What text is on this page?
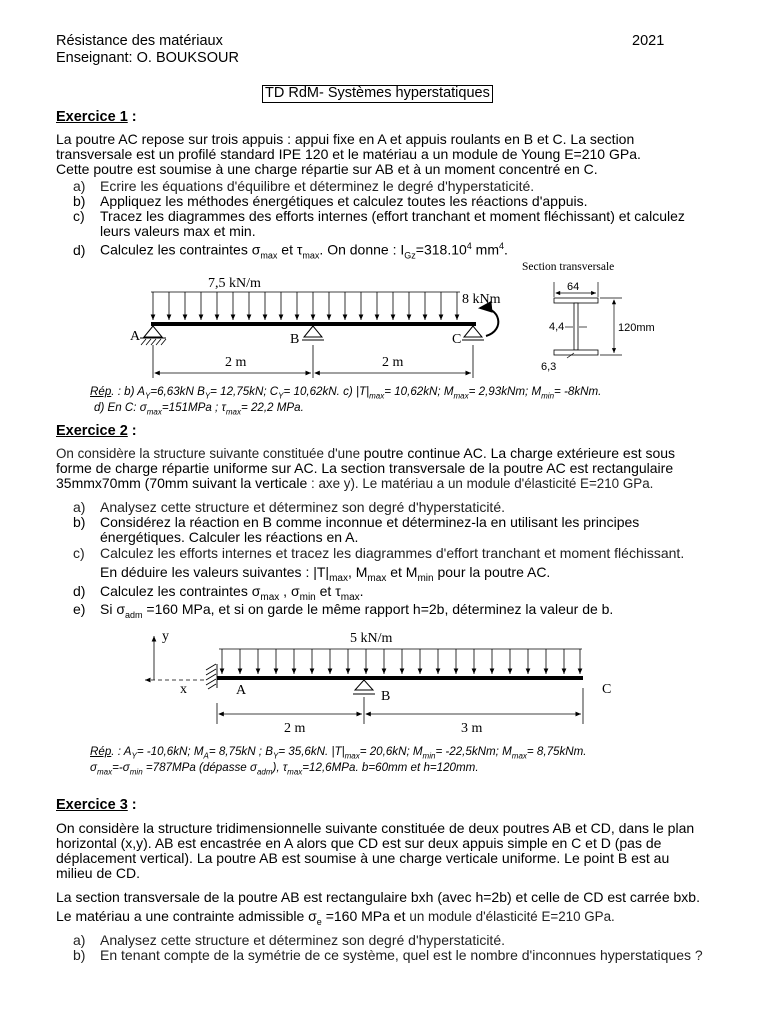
Résistance des matériaux	2021
Enseignant: O. BOUKSOUR
TD RdM- Systèmes hyperstatiques
Exercice 1 :
La poutre AC repose sur trois appuis : appui fixe en A et appuis roulants en B et C. La section
transversale est un profilé standard IPE 120 et le matériau a un module de Young E=210 GPa.
Cette poutre est soumise à une charge répartie sur AB et à un moment concentré en C.
a) Ecrire les équations d'équilibre et déterminez le degré d'hyperstaticité.
b) Appliquez les méthodes énergétiques et calculez toutes les réactions d'appuis.
c) Tracez les diagrammes des efforts internes (effort tranchant et moment fléchissant) et calculez
leurs valeurs max et min.
d) Calculez les contraintes $\sigma_{max}$ et $\tau_{max}$. On donne : $I_{Gz}=318.10^4$ $mm^4$.
7,5 kN/m
8 kNm
A	B	C
2 m	2 m
Section transversale
64
4,4	120mm
6,3
Rép. : b) $A_Y=6,63kN$ $B_Y= 12,75kN$; $C_Y= 10,62kN$. c) $|T|_{max}= 10,62kN$; $M_{max}= 2,93kNm$; $M_{min}= -8kNm$.
d) En C: $\sigma_{max}=151MPa$ ; $\tau_{max}= 22,2$ MPa.
Exercice 2 :
On considère la structure suivante constituée d'une poutre continue AC. La charge extérieure est sous
forme de charge répartie uniforme sur AC. La section transversale de la poutre AC est rectangulaire
35mmx70mm (70mm suivant la verticale : axe y). Le matériau a un module d'élasticité E=210 GPa.
a) Analysez cette structure et déterminez son degré d'hyperstaticité.
b) Considérez la réaction en B comme inconnue et déterminez-la en utilisant les principes
énergétiques. Calculer les réactions en A.
c) Calculez les efforts internes et tracez les diagrammes d'effort tranchant et moment fléchissant.
En déduire les valeurs suivantes : $|T|_{max}$, $M_{max}$ et $M_{min}$ pour la poutre AC.
d) Calculez les contraintes $\sigma_{max}$ , $\sigma_{min}$ et $\tau_{max}$.
e) Si $\sigma_{adm} =160$ MPa, et si on garde le même rapport h=2b, déterminez la valeur de b.
y
x
5 kN/m
A	B	C
2 m	3 m
Rép. : $A_Y= -10,6kN$; $M_A= 8,75kN$ ; $B_Y= 35,6kN$. $|T|_{max}= 20,6kN$; $M_{min}= -22,5kNm$; $M_{max}= 8,75kNm$.
$\sigma_{max}=-\sigma_{min} =787MPa$ (dépasse $\sigma_{adm}$), $\tau_{max}=12,6MPa$. b=60mm et h=120mm.
Exercice 3 :
On considère la structure tridimensionnelle suivante constituée de deux poutres AB et CD, dans le plan
horizontal (x,y). AB est encastrée en A alors que CD est sur deux appuis simple en C et D (pas de
déplacement vertical). La poutre AB est soumise à une charge verticale uniforme. Le point B est au
milieu de CD.
La section transversale de la poutre AB est rectangulaire bxh (avec h=2b) et celle de CD est carrée bxb.
Le matériau a une contrainte admissible $\sigma_e =160$ MPa et un module d'élasticité E=210 GPa.
a) Analysez cette structure et déterminez son degré d'hyperstaticité.
b) En tenant compte de la symétrie de ce système, quel est le nombre d'inconnues hyperstatiques ?
